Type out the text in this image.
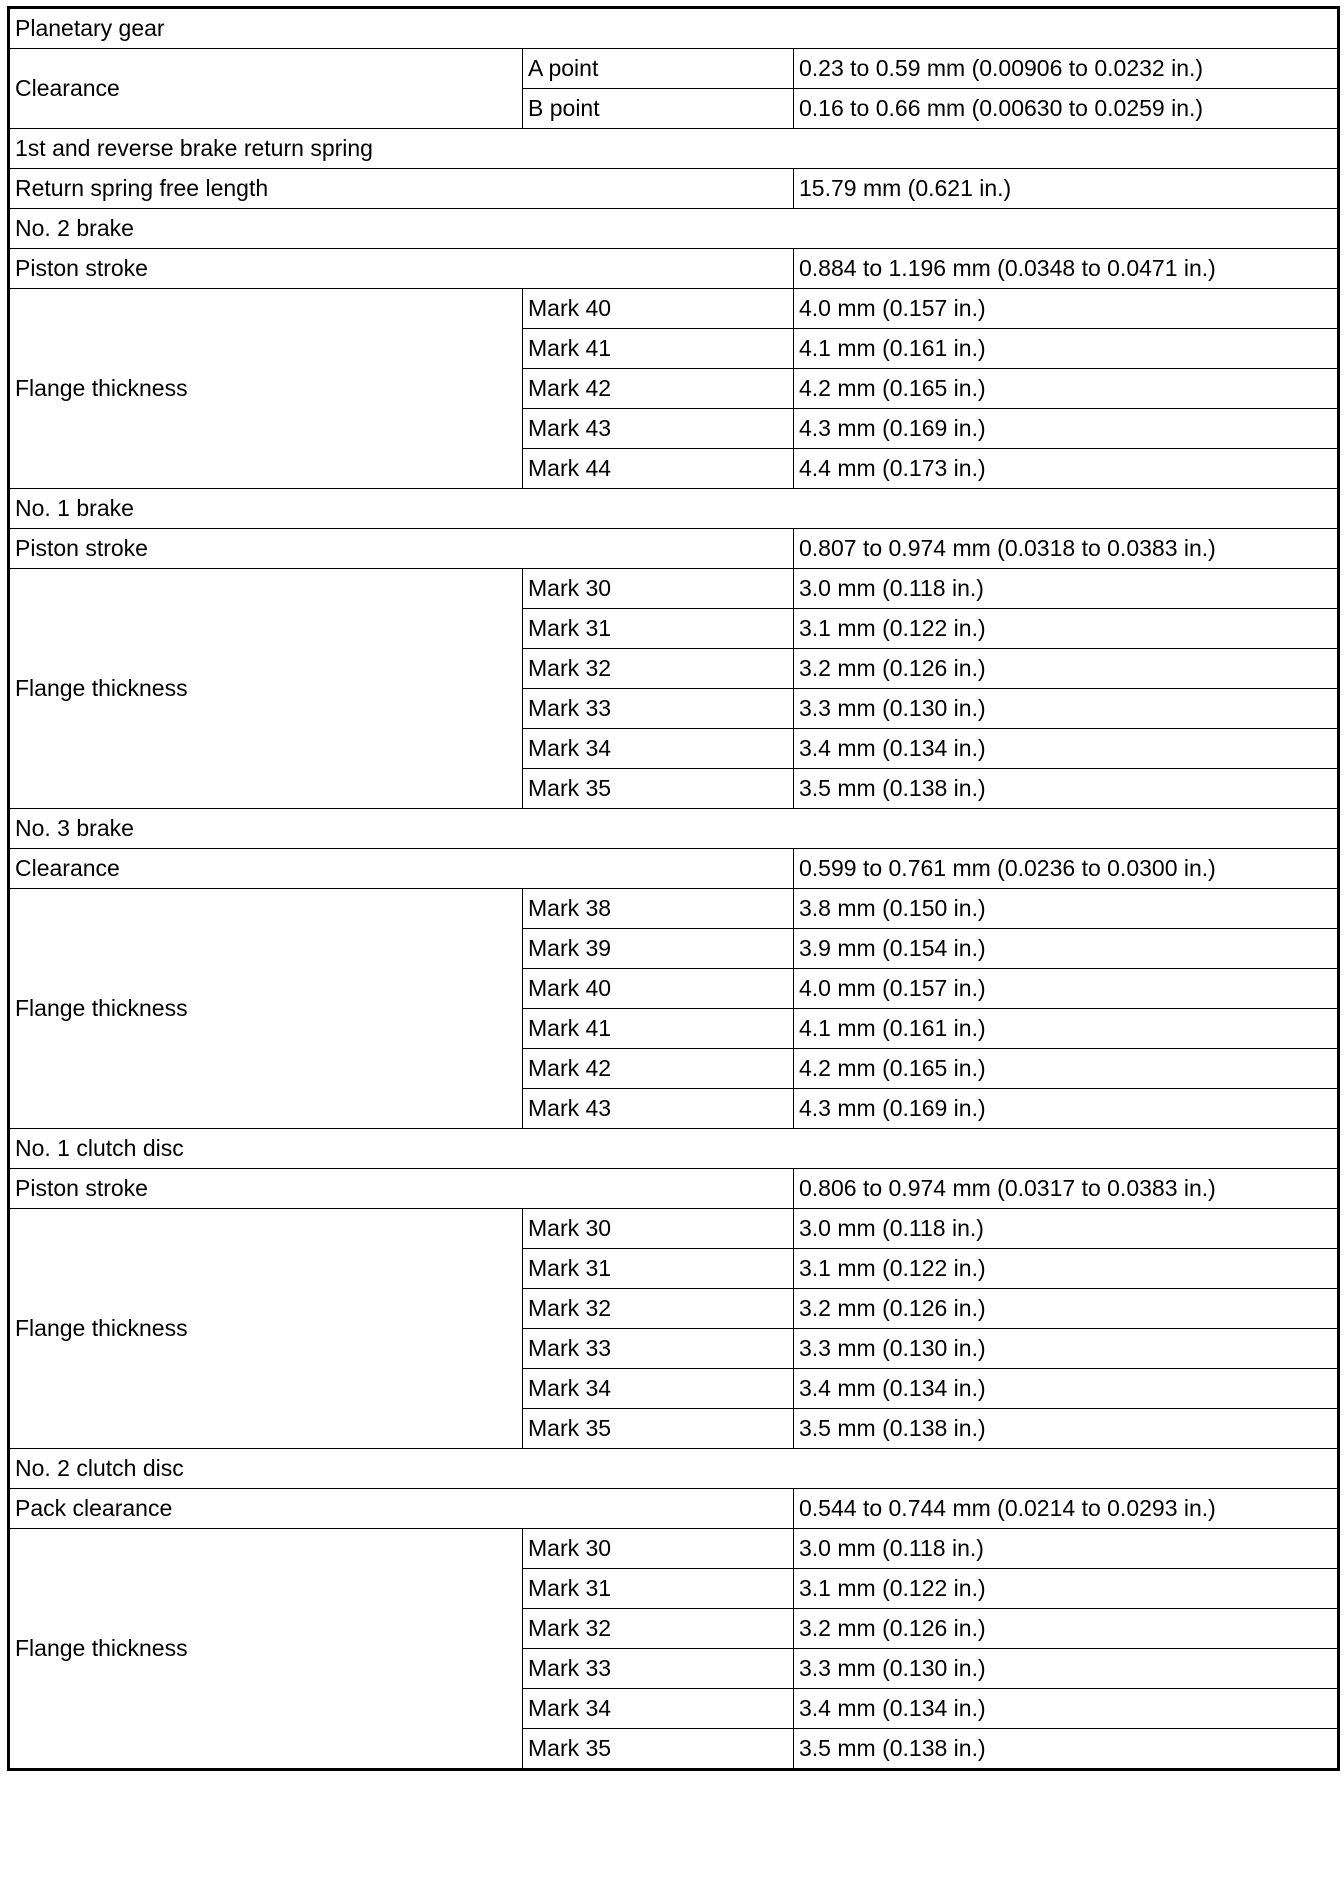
Planetary gear		
Clearance	A point	0.23 to 0.59 mm (0.00906 to 0.0232 in.)
	B point	0.16 to 0.66 mm (0.00630 to 0.0259 in.)
1st and reverse brake return spring		
Return spring free length		15.79 mm (0.621 in.)
No. 2 brake		
Piston stroke		0.884 to 1.196 mm (0.0348 to 0.0471 in.)
Flange thickness	Mark 40	4.0 mm (0.157 in.)
	Mark 41	4.1 mm (0.161 in.)
	Mark 42	4.2 mm (0.165 in.)
	Mark 43	4.3 mm (0.169 in.)
	Mark 44	4.4 mm (0.173 in.)
No. 1 brake		
Piston stroke		0.807 to 0.974 mm (0.0318 to 0.0383 in.)
Flange thickness	Mark 30	3.0 mm (0.118 in.)
	Mark 31	3.1 mm (0.122 in.)
	Mark 32	3.2 mm (0.126 in.)
	Mark 33	3.3 mm (0.130 in.)
	Mark 34	3.4 mm (0.134 in.)
	Mark 35	3.5 mm (0.138 in.)
No. 3 brake		
Clearance		0.599 to 0.761 mm (0.0236 to 0.0300 in.)
Flange thickness	Mark 38	3.8 mm (0.150 in.)
	Mark 39	3.9 mm (0.154 in.)
	Mark 40	4.0 mm (0.157 in.)
	Mark 41	4.1 mm (0.161 in.)
	Mark 42	4.2 mm (0.165 in.)
	Mark 43	4.3 mm (0.169 in.)
No. 1 clutch disc		
Piston stroke		0.806 to 0.974 mm (0.0317 to 0.0383 in.)
Flange thickness	Mark 30	3.0 mm (0.118 in.)
	Mark 31	3.1 mm (0.122 in.)
	Mark 32	3.2 mm (0.126 in.)
	Mark 33	3.3 mm (0.130 in.)
	Mark 34	3.4 mm (0.134 in.)
	Mark 35	3.5 mm (0.138 in.)
No. 2 clutch disc		
Pack clearance		0.544 to 0.744 mm (0.0214 to 0.0293 in.)
Flange thickness	Mark 30	3.0 mm (0.118 in.)
	Mark 31	3.1 mm (0.122 in.)
	Mark 32	3.2 mm (0.126 in.)
	Mark 33	3.3 mm (0.130 in.)
	Mark 34	3.4 mm (0.134 in.)
	Mark 35	3.5 mm (0.138 in.)
